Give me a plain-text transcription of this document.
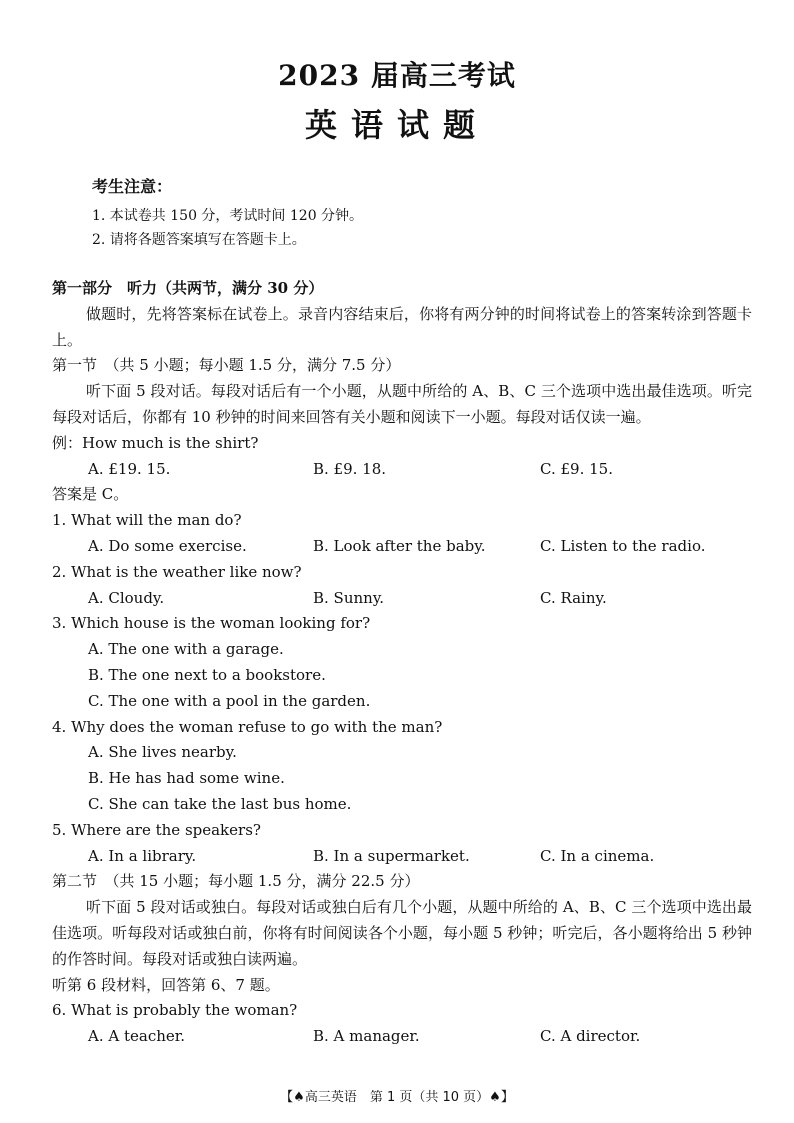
2023 届高三考试
英语试题
考生注意：
1. 本试卷共 150 分，考试时间 120 分钟。
2. 请将各题答案填写在答题卡上。
第一部分　听力（共两节，满分 30 分）
做题时，先将答案标在试卷上。录音内容结束后，你将有两分钟的时间将试卷上的答案转涂到答题卡上。
第一节　（共 5 小题；每小题 1.5 分，满分 7.5 分）
听下面 5 段对话。每段对话后有一个小题，从题中所给的 A、B、C 三个选项中选出最佳选项。听完每段对话后，你都有 10 秒钟的时间来回答有关小题和阅读下一小题。每段对话仅读一遍。
例：How much is the shirt?
A. £19. 15.	B. £9. 18.	C. £9. 15.
答案是 C。
1. What will the man do?
A. Do some exercise.	B. Look after the baby.	C. Listen to the radio.
2. What is the weather like now?
A. Cloudy.	B. Sunny.	C. Rainy.
3. Which house is the woman looking for?
A. The one with a garage.
B. The one next to a bookstore.
C. The one with a pool in the garden.
4. Why does the woman refuse to go with the man?
A. She lives nearby.
B. He has had some wine.
C. She can take the last bus home.
5. Where are the speakers?
A. In a library.	B. In a supermarket.	C. In a cinema.
第二节　（共 15 小题；每小题 1.5 分，满分 22.5 分）
听下面 5 段对话或独白。每段对话或独白后有几个小题，从题中所给的 A、B、C 三个选项中选出最佳选项。听每段对话或独白前，你将有时间阅读各个小题，每小题 5 秒钟；听完后，各小题将给出 5 秒钟的作答时间。每段对话或独白读两遍。
听第 6 段材料，回答第 6、7 题。
6. What is probably the woman?
A. A teacher.	B. A manager.	C. A director.
【♠高三英语　第 1 页（共 10 页）♠】
